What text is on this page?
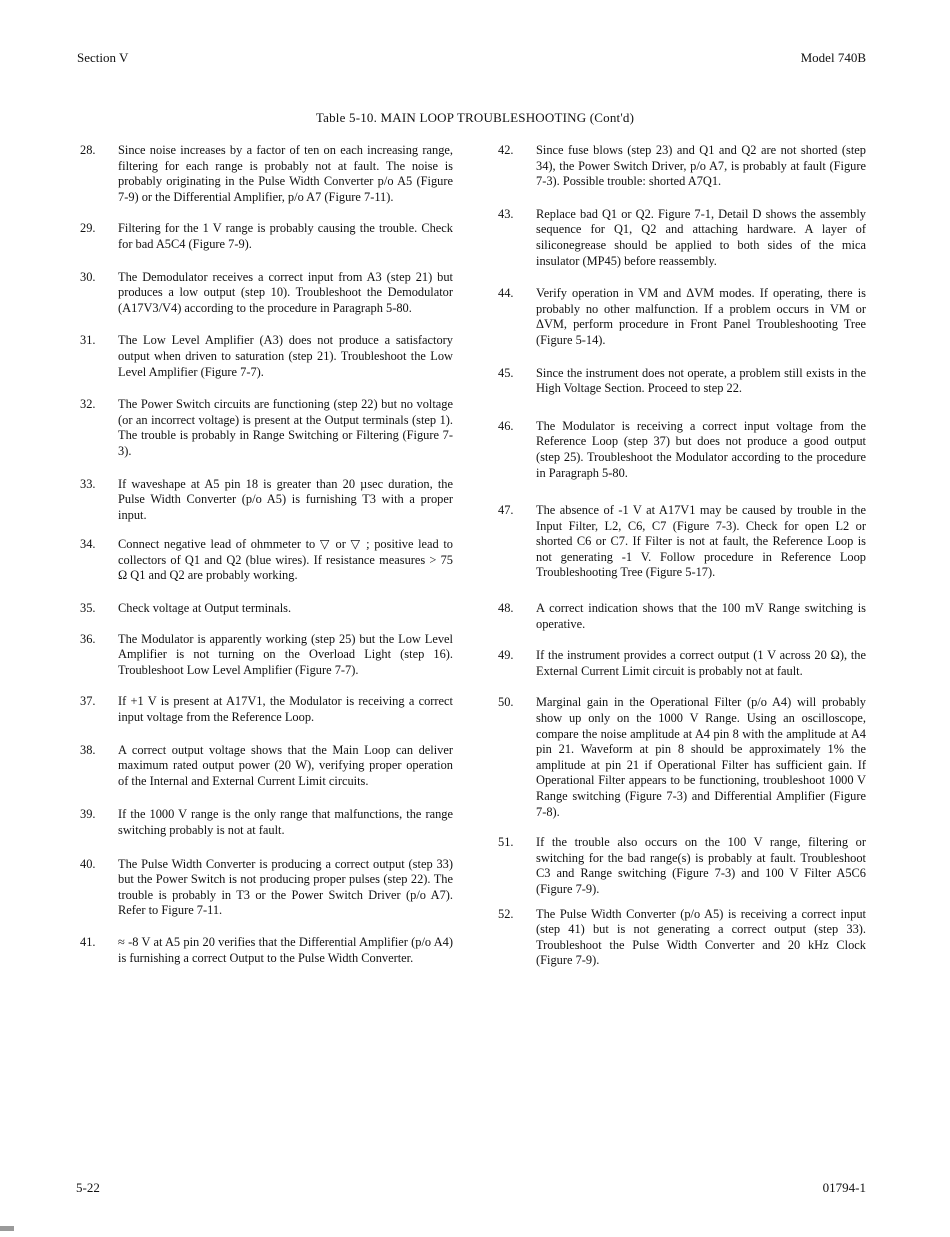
Section V	Model 740B
Table 5-10. MAIN LOOP TROUBLESHOOTING (Cont'd)
28.	Since noise increases by a factor of ten on each increasing range, filtering for each range is probably not at fault. The noise is probably originating in the Pulse Width Converter p/o A5 (Figure 7-9) or the Differential Amplifier, p/o A7 (Figure 7-11).
29.	Filtering for the 1 V range is probably causing the trouble. Check for bad A5C4 (Figure 7-9).
30.	The Demodulator receives a correct input from A3 (step 21) but produces a low output (step 10). Troubleshoot the Demodulator (A17V3/V4) according to the procedure in Paragraph 5-80.
31.	The Low Level Amplifier (A3) does not produce a satisfactory output when driven to saturation (step 21). Troubleshoot the Low Level Amplifier (Figure 7-7).
32.	The Power Switch circuits are functioning (step 22) but no voltage (or an incorrect voltage) is present at the Output terminals (step 1). The trouble is probably in Range Switching or Filtering (Figure 7-3).
33.	If waveshape at A5 pin 18 is greater than 20 µsec duration, the Pulse Width Converter (p/o A5) is furnishing T3 with a proper input.
34.	Connect negative lead of ohmmeter to ▽ or ▽ ; positive lead to collectors of Q1 and Q2 (blue wires). If resistance measures > 75 Ω Q1 and Q2 are probably working.
35.	Check voltage at Output terminals.
36.	The Modulator is apparently working (step 25) but the Low Level Amplifier is not turning on the Overload Light (step 16). Troubleshoot Low Level Amplifier (Figure 7-7).
37.	If +1 V is present at A17V1, the Modulator is receiving a correct input voltage from the Reference Loop.
38.	A correct output voltage shows that the Main Loop can deliver maximum rated output power (20 W), verifying proper operation of the Internal and External Current Limit circuits.
39.	If the 1000 V range is the only range that malfunctions, the range switching probably is not at fault.
40.	The Pulse Width Converter is producing a correct output (step 33) but the Power Switch is not producing proper pulses (step 22). The trouble is probably in T3 or the Power Switch Driver (p/o A7). Refer to Figure 7-11.
41.	≈ -8 V at A5 pin 20 verifies that the Differential Amplifier (p/o A4) is furnishing a correct Output to the Pulse Width Converter.
42.	Since fuse blows (step 23) and Q1 and Q2 are not shorted (step 34), the Power Switch Driver, p/o A7, is probably at fault (Figure 7-3). Possible trouble: shorted A7Q1.
43.	Replace bad Q1 or Q2. Figure 7-1, Detail D shows the assembly sequence for Q1, Q2 and attaching hardware. A layer of siliconegrease should be applied to both sides of the mica insulator (MP45) before reassembly.
44.	Verify operation in VM and ΔVM modes. If operating, there is probably no other malfunction. If a problem occurs in VM or ΔVM, perform procedure in Front Panel Troubleshooting Tree (Figure 5-14).
45.	Since the instrument does not operate, a problem still exists in the High Voltage Section. Proceed to step 22.
46.	The Modulator is receiving a correct input voltage from the Reference Loop (step 37) but does not produce a good output (step 25). Troubleshoot the Modulator according to the procedure in Paragraph 5-80.
47.	The absence of -1 V at A17V1 may be caused by trouble in the Input Filter, L2, C6, C7 (Figure 7-3). Check for open L2 or shorted C6 or C7. If Filter is not at fault, the Reference Loop is not generating -1 V. Follow procedure in Reference Loop Troubleshooting Tree (Figure 5-17).
48.	A correct indication shows that the 100 mV Range switching is operative.
49.	If the instrument provides a correct output (1 V across 20 Ω), the External Current Limit circuit is probably not at fault.
50.	Marginal gain in the Operational Filter (p/o A4) will probably show up only on the 1000 V Range. Using an oscilloscope, compare the noise amplitude at A4 pin 8 with the amplitude at A4 pin 21. Waveform at pin 8 should be approximately 1% the amplitude at pin 21 if Operational Filter has sufficient gain. If Operational Filter appears to be functioning, troubleshoot 1000 V Range switching (Figure 7-3) and Differential Amplifier (Figure 7-8).
51.	If the trouble also occurs on the 100 V range, filtering or switching for the bad range(s) is probably at fault. Troubleshoot C3 and Range switching (Figure 7-3) and 100 V Filter A5C6 (Figure 7-9).
52.	The Pulse Width Converter (p/o A5) is receiving a correct input (step 41) but is not generating a correct output (step 33). Troubleshoot the Pulse Width Converter and 20 kHz Clock (Figure 7-9).
5-22	01794-1
